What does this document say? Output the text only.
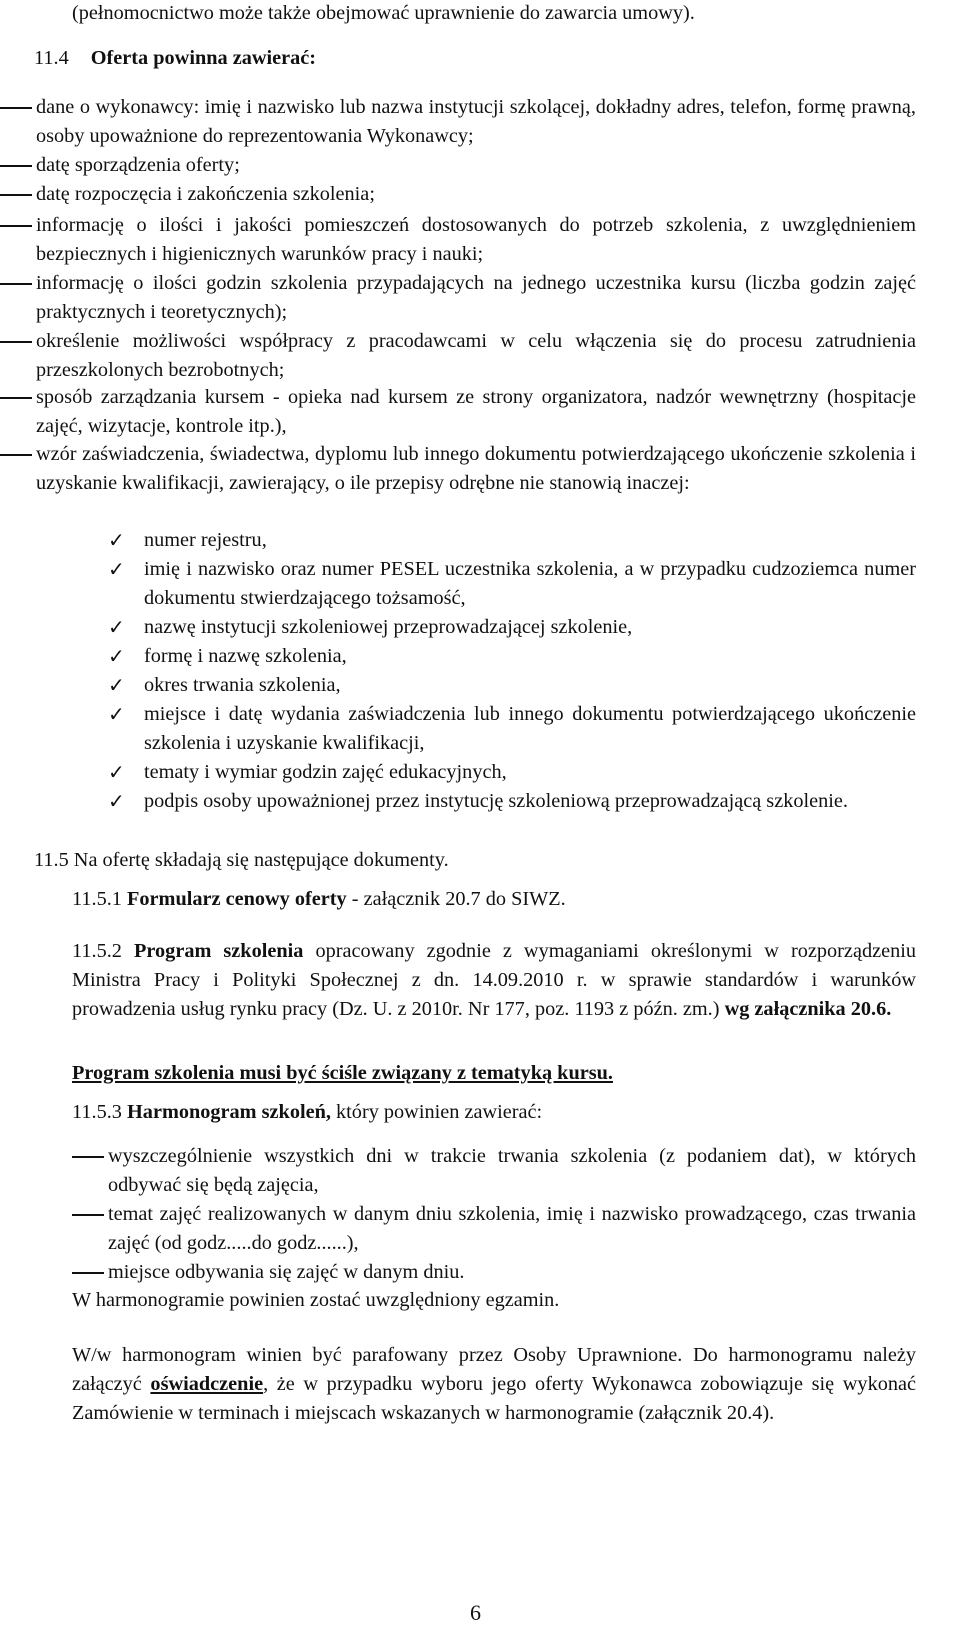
(pełnomocnictwo może także obejmować uprawnienie do zawarcia umowy).
11.4 Oferta powinna zawierać:
dane o wykonawcy: imię i nazwisko lub nazwa instytucji szkolącej, dokładny adres, telefon, formę prawną, osoby upoważnione do reprezentowania Wykonawcy;
datę sporządzenia oferty;
datę rozpoczęcia i zakończenia szkolenia;
informację o ilości i jakości pomieszczeń dostosowanych do potrzeb szkolenia, z uwzględnieniem bezpiecznych i higienicznych warunków pracy i nauki;
informację o ilości godzin szkolenia przypadających na jednego uczestnika kursu (liczba godzin zajęć praktycznych i teoretycznych);
określenie możliwości współpracy z pracodawcami w celu włączenia się do procesu zatrudnienia przeszkolonych bezrobotnych;
sposób zarządzania kursem - opieka nad kursem ze strony organizatora, nadzór wewnętrzny (hospitacje zajęć, wizytacje, kontrole itp.),
wzór zaświadczenia, świadectwa, dyplomu lub innego dokumentu potwierdzającego ukończenie szkolenia i uzyskanie kwalifikacji, zawierający, o ile przepisy odrębne nie stanowią inaczej:
✓ numer rejestru,
✓ imię i nazwisko oraz numer PESEL uczestnika szkolenia, a w przypadku cudzoziemca numer dokumentu stwierdzającego tożsamość,
✓ nazwę instytucji szkoleniowej przeprowadzającej szkolenie,
✓ formę i nazwę szkolenia,
✓ okres trwania szkolenia,
✓ miejsce i datę wydania zaświadczenia lub innego dokumentu potwierdzającego ukończenie szkolenia i uzyskanie kwalifikacji,
✓ tematy i wymiar godzin zajęć edukacyjnych,
✓ podpis osoby upoważnionej przez instytucję szkoleniową przeprowadzającą szkolenie.
11.5 Na ofertę składają się następujące dokumenty.
11.5.1 Formularz cenowy oferty - załącznik 20.7 do SIWZ.
11.5.2 Program szkolenia opracowany zgodnie z wymaganiami określonymi w rozporządzeniu Ministra Pracy i Polityki Społecznej z dn. 14.09.2010 r. w sprawie standardów i warunków prowadzenia usług rynku pracy (Dz. U. z 2010r. Nr 177, poz. 1193 z późn. zm.) wg załącznika 20.6.
Program szkolenia musi być ściśle związany z tematyką kursu.
11.5.3 Harmonogram szkoleń, który powinien zawierać:
wyszczególnienie wszystkich dni w trakcie trwania szkolenia (z podaniem dat), w których odbywać się będą zajęcia,
temat zajęć realizowanych w danym dniu szkolenia, imię i nazwisko prowadzącego, czas trwania zajęć (od godz.....do godz......),
miejsce odbywania się zajęć w danym dniu.
W harmonogramie powinien zostać uwzględniony egzamin.
W/w harmonogram winien być parafowany przez Osoby Uprawnione. Do harmonogramu należy załączyć oświadczenie, że w przypadku wyboru jego oferty Wykonawca zobowiązuje się wykonać Zamówienie w terminach i miejscach wskazanych w harmonogramie (załącznik 20.4).
6
